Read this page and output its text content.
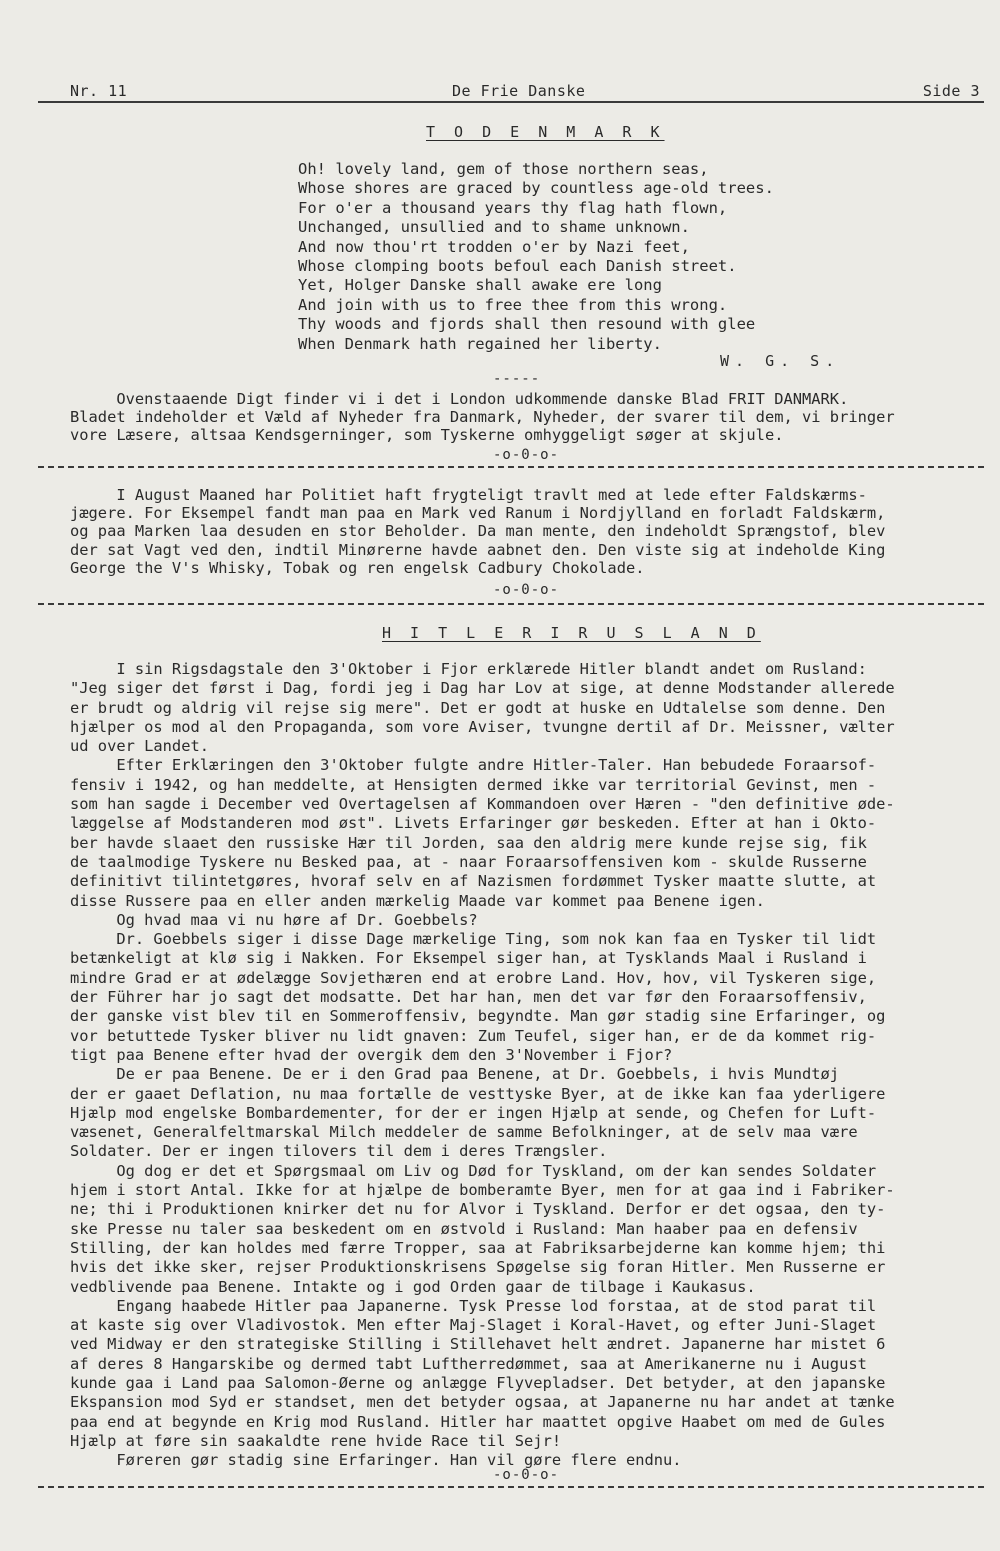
Nr. 11	De Frie Danske	Side 3
T O D E N M A R K
Oh! lovely land, gem of those northern seas,
Whose shores are graced by countless age-old trees.
For o'er a thousand years thy flag hath flown,
Unchanged, unsullied and to shame unknown.
And now thou'rt trodden o'er by Nazi feet,
Whose clomping boots befoul each Danish street.
Yet, Holger Danske shall awake ere long
And join with us to free thee from this wrong.
Thy woods and fjords shall then resound with glee
When Denmark hath regained her liberty.
W. G. S.
-----
Ovenstaaende Digt finder vi i det i London udkommende danske Blad FRIT DANMARK.
Bladet indeholder et Væld af Nyheder fra Danmark, Nyheder, der svarer til dem, vi bringer
vore Læsere, altsaa Kendsgerninger, som Tyskerne omhyggeligt søger at skjule.
-o-0-o-
I August Maaned har Politiet haft frygteligt travlt med at lede efter Faldskærms-
jægere. For Eksempel fandt man paa en Mark ved Ranum i Nordjylland en forladt Faldskærm,
og paa Marken laa desuden en stor Beholder. Da man mente, den indeholdt Sprængstof, blev
der sat Vagt ved den, indtil Minørerne havde aabnet den. Den viste sig at indeholde King
George the V's Whisky, Tobak og ren engelsk Cadbury Chokolade.
-o-0-o-
H I T L E R I R U S L A N D
I sin Rigsdagstale den 3'Oktober i Fjor erklærede Hitler blandt andet om Rusland:
"Jeg siger det først i Dag, fordi jeg i Dag har Lov at sige, at denne Modstander allerede
er brudt og aldrig vil rejse sig mere". Det er godt at huske en Udtalelse som denne. Den
hjælper os mod al den Propaganda, som vore Aviser, tvungne dertil af Dr. Meissner, vælter
ud over Landet.
Efter Erklæringen den 3'Oktober fulgte andre Hitler-Taler. Han bebudede Foraarsof-
fensiv i 1942, og han meddelte, at Hensigten dermed ikke var territorial Gevinst, men -
som han sagde i December ved Overtagelsen af Kommandoen over Hæren - "den definitive øde-
læggelse af Modstanderen mod øst". Livets Erfaringer gør beskeden. Efter at han i Okto-
ber havde slaaet den russiske Hær til Jorden, saa den aldrig mere kunde rejse sig, fik
de taalmodige Tyskere nu Besked paa, at - naar Foraarsoffensiven kom - skulde Russerne
definitivt tilintetgøres, hvoraf selv en af Nazismen fordømmet Tysker maatte slutte, at
disse Russere paa en eller anden mærkelig Maade var kommet paa Benene igen.
Og hvad maa vi nu høre af Dr. Goebbels?
Dr. Goebbels siger i disse Dage mærkelige Ting, som nok kan faa en Tysker til lidt
betænkeligt at klø sig i Nakken. For Eksempel siger han, at Tysklands Maal i Rusland i
mindre Grad er at ødelægge Sovjethæren end at erobre Land. Hov, hov, vil Tyskeren sige,
der Führer har jo sagt det modsatte. Det har han, men det var før den Foraarsoffensiv,
der ganske vist blev til en Sommeroffensiv, begyndte. Man gør stadig sine Erfaringer, og
vor betuttede Tysker bliver nu lidt gnaven: Zum Teufel, siger han, er de da kommet rig-
tigt paa Benene efter hvad der overgik dem den 3'November i Fjor?
De er paa Benene. De er i den Grad paa Benene, at Dr. Goebbels, i hvis Mundtøj
der er gaaet Deflation, nu maa fortælle de vesttyske Byer, at de ikke kan faa yderligere
Hjælp mod engelske Bombardementer, for der er ingen Hjælp at sende, og Chefen for Luft-
væsenet, Generalfeltmarskal Milch meddeler de samme Befolkninger, at de selv maa være
Soldater. Der er ingen tilovers til dem i deres Trængsler.
Og dog er det et Spørgsmaal om Liv og Død for Tyskland, om der kan sendes Soldater
hjem i stort Antal. Ikke for at hjælpe de bomberamte Byer, men for at gaa ind i Fabriker-
ne; thi i Produktionen knirker det nu for Alvor i Tyskland. Derfor er det ogsaa, den ty-
ske Presse nu taler saa beskedent om en østvold i Rusland: Man haaber paa en defensiv
Stilling, der kan holdes med færre Tropper, saa at Fabriksarbejderne kan komme hjem; thi
hvis det ikke sker, rejser Produktionskrisens Spøgelse sig foran Hitler. Men Russerne er
vedblivende paa Benene. Intakte og i god Orden gaar de tilbage i Kaukasus.
Engang haabede Hitler paa Japanerne. Tysk Presse lod forstaa, at de stod parat til
at kaste sig over Vladivostok. Men efter Maj-Slaget i Koral-Havet, og efter Juni-Slaget
ved Midway er den strategiske Stilling i Stillehavet helt ændret. Japanerne har mistet 6
af deres 8 Hangarskibe og dermed tabt Luftherredømmet, saa at Amerikanerne nu i August
kunde gaa i Land paa Salomon-Øerne og anlægge Flyvepladser. Det betyder, at den japanske
Ekspansion mod Syd er standset, men det betyder ogsaa, at Japanerne nu har andet at tænke
paa end at begynde en Krig mod Rusland. Hitler har maattet opgive Haabet om med de Gules
Hjælp at føre sin saakaldte rene hvide Race til Sejr!
Føreren gør stadig sine Erfaringer. Han vil gøre flere endnu.
-o-0-o-
